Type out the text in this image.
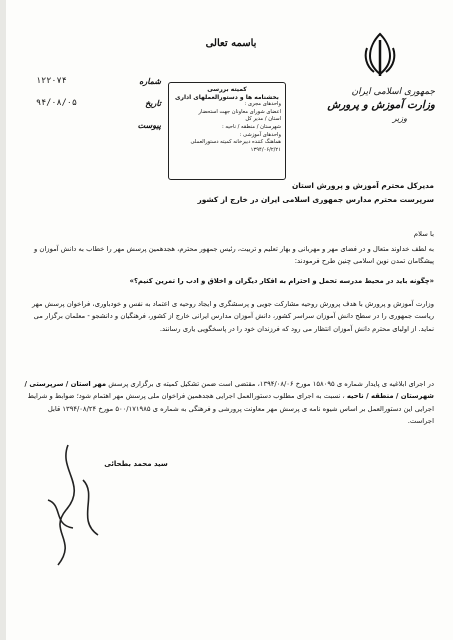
باسمه تعالی
جمهوری اسلامی ایران
وزارت آموزش و پرورش
وزیر
شماره
۱۲۲۰۷۴
تاریخ
۹۴/۰۸/۰۵
پیوست
کمیته بررسی
بخشنامه ها و دستورالعملهای اداری
واحدهای مجری :
اعضای شورای معاونان جهت استحضار
استان / مدیر کل
شهرستان / منطقه / ناحیه :
واحدهای آموزشی :
هماهنگ کننده دبیرخانه کمیته دستورالعملی
۱۳۹۴/۰۶/۲/۲۱
مدیرکل محترم آموزش و پرورش استان
سرپرست محترم مدارس جمهوری اسلامی ایران در خارج از کشور
با سلام
به لطف خداوند متعال و در فضای مهر و مهربانی و بهار تعلیم و تربیت، رئیس جمهور محترم، هجدهمین پرسش مهر را خطاب به دانش آموزان و پیشگامان تمدن نوین اسلامی چنین طرح فرمودند:
«چگونه باید در محیط مدرسه تحمل و احترام به افکار دیگران و اخلاق و ادب را تمرین کنیم؟»
وزارت آموزش و پرورش با هدف پرورش روحیه مشارکت جویی و پرسشگری و ایجاد روحیه ی اعتماد به نفس و خودباوری، فراخوان پرسش مهر ریاست جمهوری را در سطح دانش آموزان سراسر کشور، دانش آموزان مدارس ایرانی خارج از کشور، فرهنگیان و دانشجو - معلمان برگزار می نماید. از اولیای محترم دانش آموزان انتظار می رود که فرزندان خود را در پاسخگویی یاری رسانند.
در اجرای ابلاغیه ی پایدار شماره ی ۱۵۸۰۹۵ مورخ ۱۳۹۴/۰۸/۰۶، مقتضی است ضمن تشکیل کمیته ی برگزاری پرسش مهر استان / سرپرستی / شهرستان / منطقه / ناحیه ، نسبت به اجرای مطلوب دستورالعمل اجرایی هجدهمین فراخوان ملی پرسش مهر اهتمام شود؛ ضوابط و شرایط اجرایی این دستورالعمل بر اساس شیوه نامه ی پرسش مهر معاونت پرورشی و فرهنگی به شماره ی ۵۰۰/۱۷۱۹۸۵ مورخ ۱۳۹۴/۰۸/۲۴ قابل اجراست.
سید محمد بطحائی
